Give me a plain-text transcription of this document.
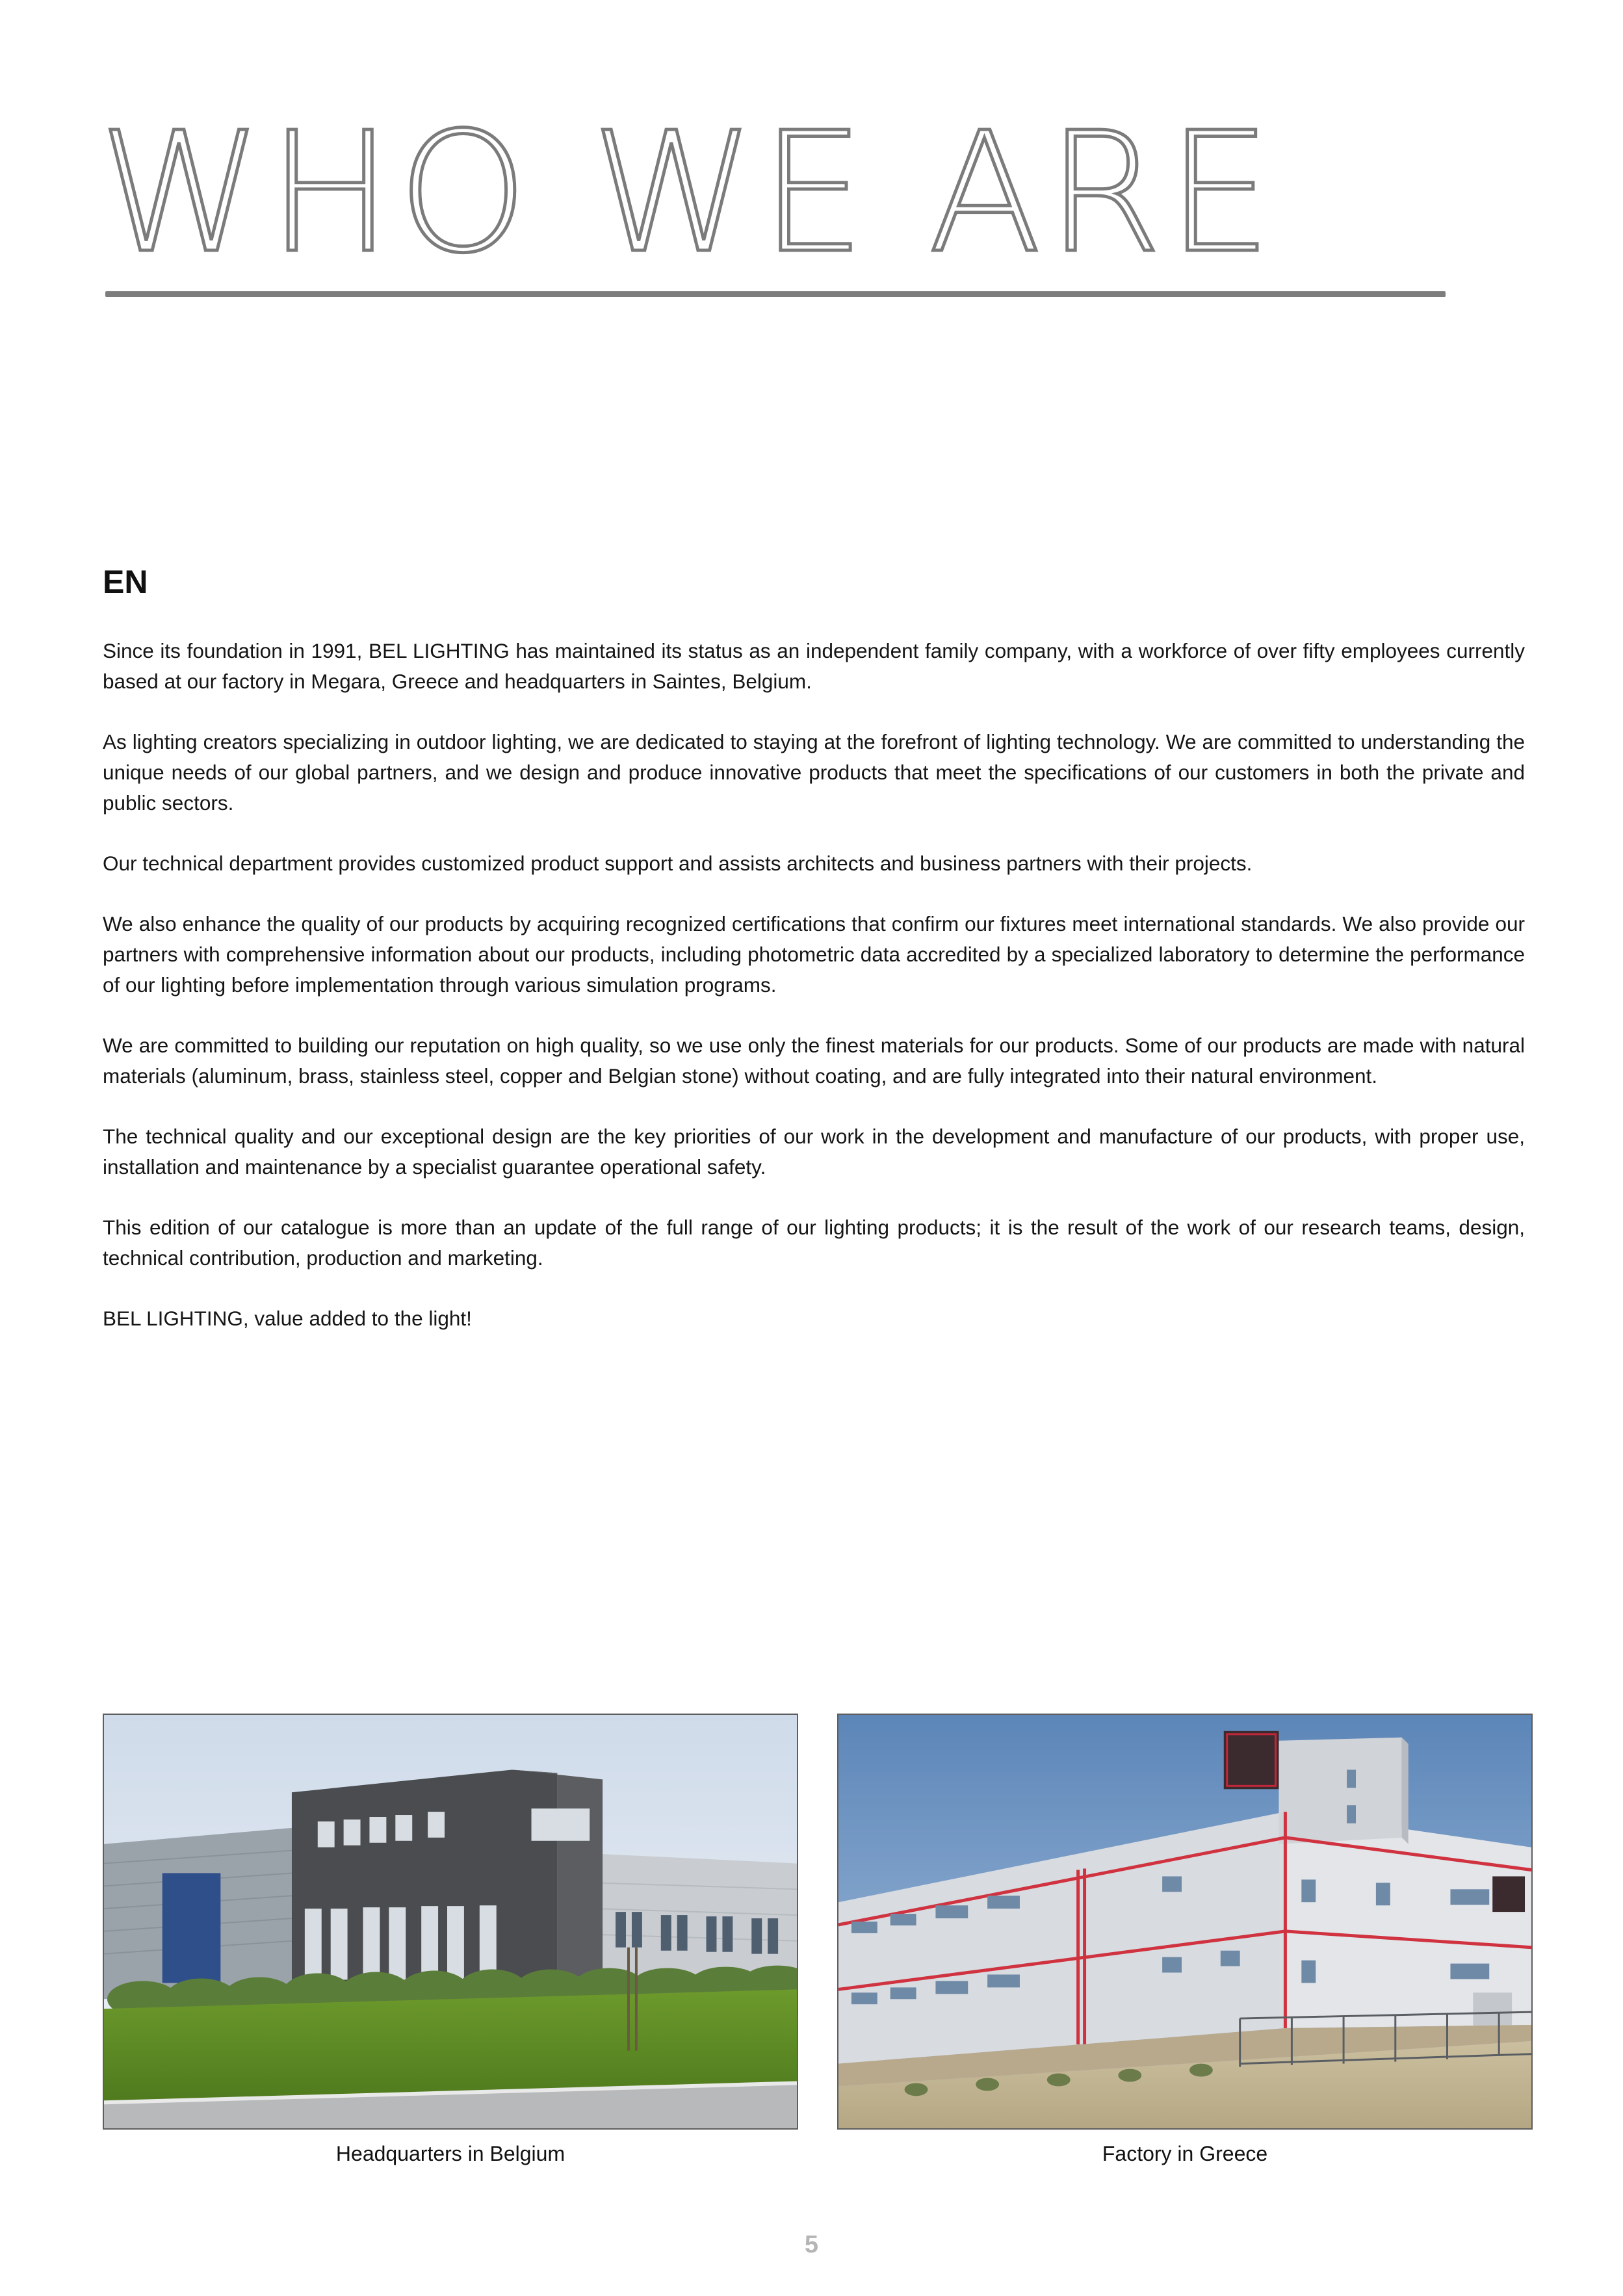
WHO WE ARE
EN

Since its foundation in 1991, BEL LIGHTING has maintained its status as an independent family company, with a workforce of over fifty employees currently based at our factory in Megara, Greece and headquarters in Saintes, Belgium.

As lighting creators specializing in outdoor lighting, we are dedicated to staying at the forefront of lighting technology. We are committed to understanding the unique needs of our global partners, and we design and produce innovative products that meet the specifications of our customers in both the private and public sectors.

Our technical department provides customized product support and assists architects and business partners with their projects.

We also enhance the quality of our products by acquiring recognized certifications that confirm our fixtures meet international standards. We also provide our partners with comprehensive information about our products, including photometric data accredited by a specialized laboratory to determine the performance of our lighting before implementation through various simulation programs.

We are committed to building our reputation on high quality, so we use only the finest materials for our products. Some of our products are made with natural materials (aluminum, brass, stainless steel, copper and Belgian stone) without coating, and are fully integrated into their natural environment.

The technical quality and our exceptional design are the key priorities of our work in the development and manufacture of our products, with proper use, installation and maintenance by a specialist guarantee operational safety.

This edition of our catalogue is more than an update of the full range of our lighting products; it is the result of the work of our research teams, design, technical contribution, production and marketing.

BEL LIGHTING, value added to the light!

Headquarters in Belgium	Factory in Greece
5
